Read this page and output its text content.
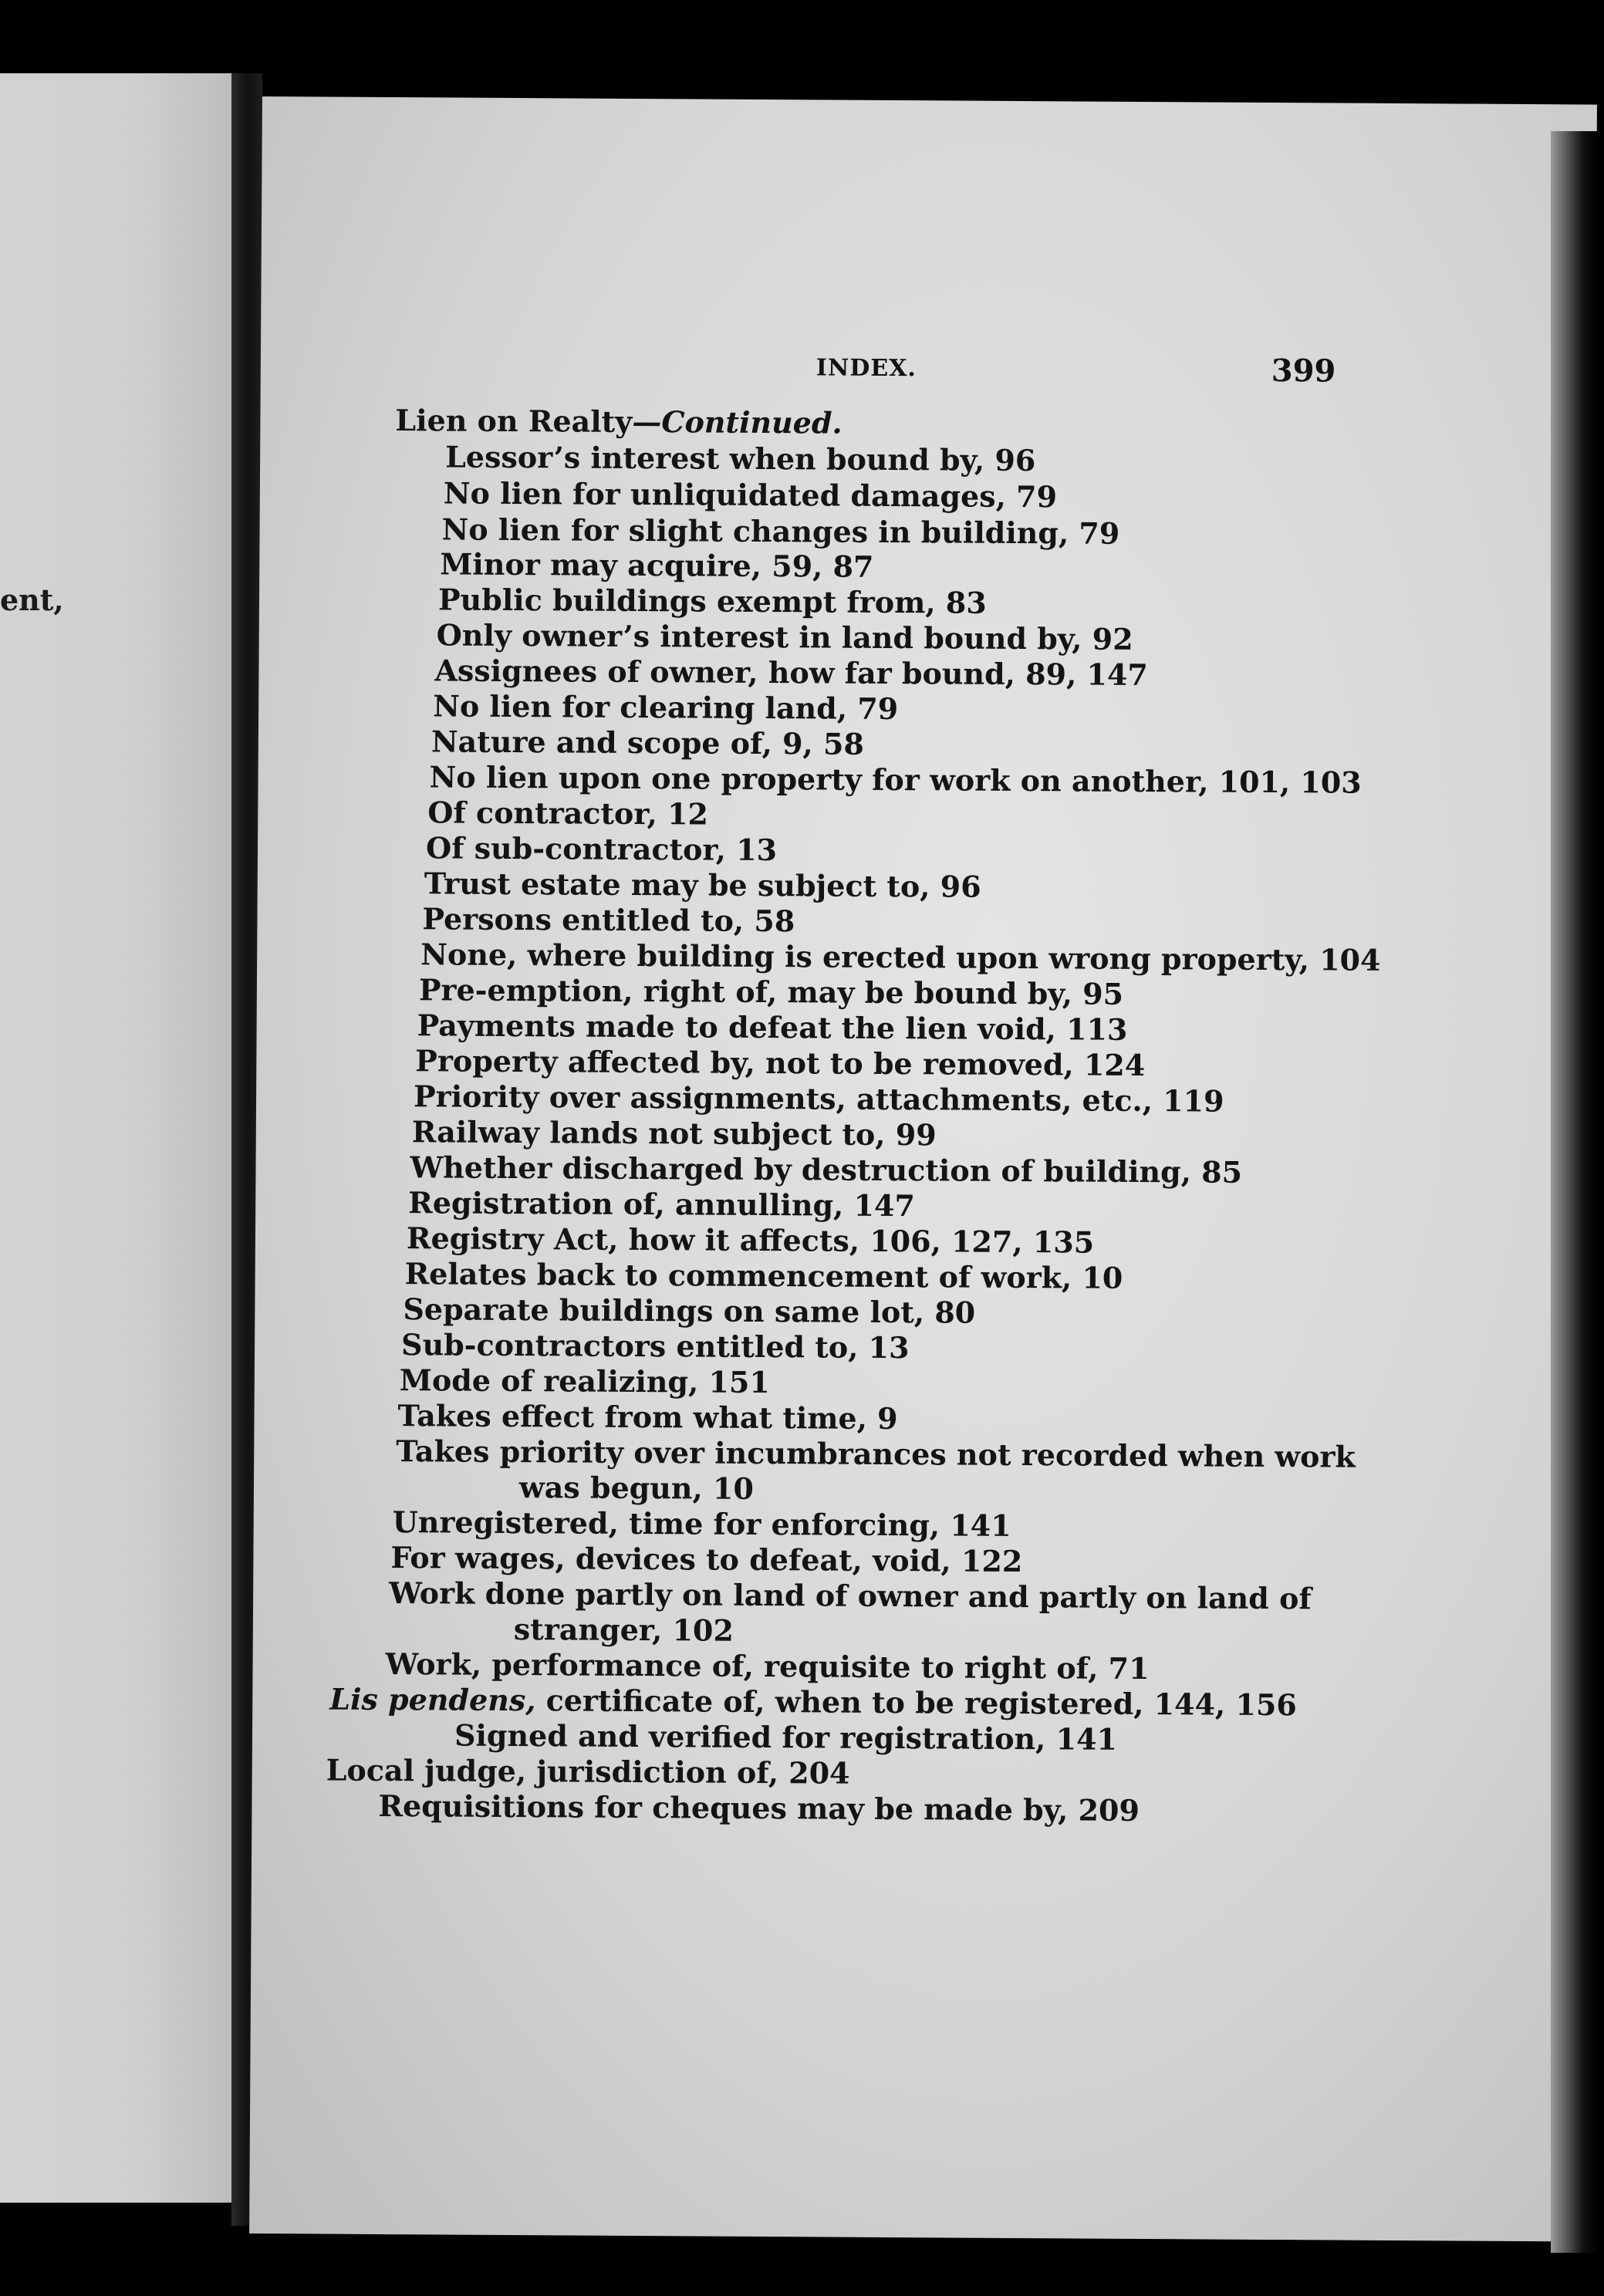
ent,
INDEX.	399
Lien on Realty—Continued.
Lessor’s interest when bound by, 96
No lien for unliquidated damages, 79
No lien for slight changes in building, 79
Minor may acquire, 59, 87
Public buildings exempt from, 83
Only owner’s interest in land bound by, 92
Assignees of owner, how far bound, 89, 147
No lien for clearing land, 79
Nature and scope of, 9, 58
No lien upon one property for work on another, 101, 103
Of contractor, 12
Of sub-contractor, 13
Trust estate may be subject to, 96
Persons entitled to, 58
None, where building is erected upon wrong property, 104
Pre-emption, right of, may be bound by, 95
Payments made to defeat the lien void, 113
Property affected by, not to be removed, 124
Priority over assignments, attachments, etc., 119
Railway lands not subject to, 99
Whether discharged by destruction of building, 85
Registration of, annulling, 147
Registry Act, how it affects, 106, 127, 135
Relates back to commencement of work, 10
Separate buildings on same lot, 80
Sub-contractors entitled to, 13
Mode of realizing, 151
Takes effect from what time, 9
Takes priority over incumbrances not recorded when work
was begun, 10
Unregistered, time for enforcing, 141
For wages, devices to defeat, void, 122
Work done partly on land of owner and partly on land of
stranger, 102
Work, performance of, requisite to right of, 71
Lis pendens, certificate of, when to be registered, 144, 156
Signed and verified for registration, 141
Local judge, jurisdiction of, 204
Requisitions for cheques may be made by, 209
